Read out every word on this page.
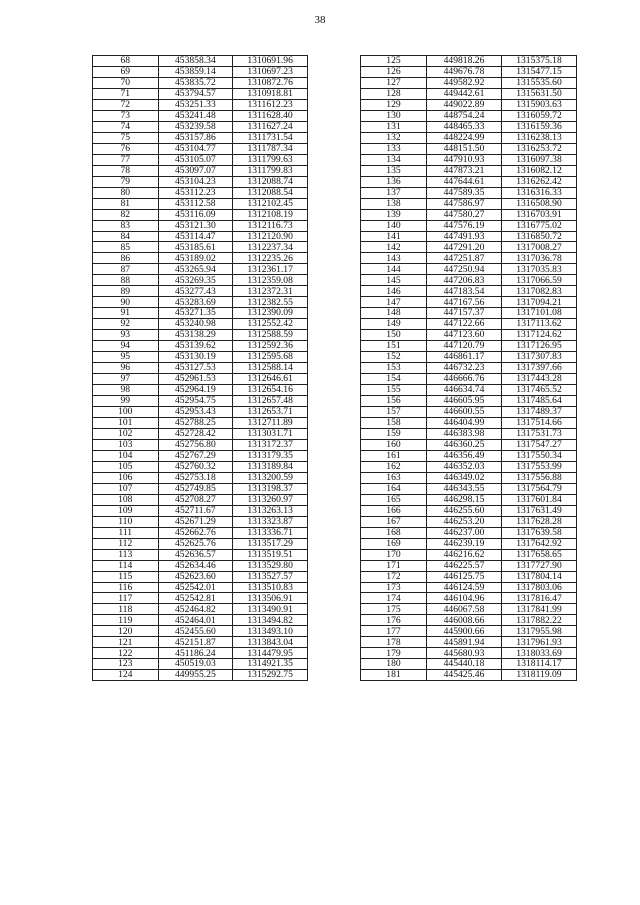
38
68	453858.34	1310691.96
69	453859.14	1310697.23
70	453835.72	1310872.76
71	453794.57	1310918.81
72	453251.33	1311612.23
73	453241.48	1311628.40
74	453239.58	1311627.24
75	453157.86	1311731.54
76	453104.77	1311787.34
77	453105.07	1311799.63
78	453097.07	1311799.83
79	453104.23	1312088.74
80	453112.23	1312088.54
81	453112.58	1312102.45
82	453116.09	1312108.19
83	453121.30	1312116.73
84	453114.47	1312120.90
85	453185.61	1312237.34
86	453189.02	1312235.26
87	453265.94	1312361.17
88	453269.35	1312359.08
89	453277.43	1312372.31
90	453283.69	1312382.55
91	453271.35	1312390.09
92	453240.98	1312552.42
93	453138.29	1312588.59
94	453139.62	1312592.36
95	453130.19	1312595.68
96	453127.53	1312588.14
97	452961.53	1312646.61
98	452964.19	1312654.16
99	452954.75	1312657.48
100	452953.43	1312653.71
101	452788.25	1312711.89
102	452728.42	1313031.71
103	452756.80	1313172.37
104	452767.29	1313179.35
105	452760.32	1313189.84
106	452753.18	1313200.59
107	452749.85	1313198.37
108	452708.27	1313260.97
109	452711.67	1313263.13
110	452671.29	1313323.87
111	452662.76	1313336.71
112	452625.76	1313517.29
113	452636.57	1313519.51
114	452634.46	1313529.80
115	452623.60	1313527.57
116	452542.01	1313510.83
117	452542.81	1313506.91
118	452464.82	1313490.91
119	452464.01	1313494.82
120	452455.60	1313493.10
121	452151.87	1313843.04
122	451186.24	1314479.95
123	450519.03	1314921.35
124	449955.25	1315292.75
125	449818.26	1315375.18
126	449676.78	1315477.15
127	449582.92	1315535.60
128	449442.61	1315631.50
129	449022.89	1315903.63
130	448754.24	1316059.72
131	448465.33	1316159.36
132	448224.99	1316238.13
133	448151.50	1316253.72
134	447910.93	1316097.38
135	447873.21	1316082.12
136	447644.61	1316262.42
137	447589.35	1316316.33
138	447586.97	1316508.90
139	447580.27	1316703.91
140	447576.19	1316775.02
141	447491.93	1316850.72
142	447291.20	1317008.27
143	447251.87	1317036.78
144	447250.94	1317035.83
145	447206.83	1317066.59
146	447183.54	1317082.83
147	447167.56	1317094.21
148	447157.37	1317101.08
149	447122.66	1317113.62
150	447123.60	1317124.62
151	447120.79	1317126.95
152	446861.17	1317307.83
153	446732.23	1317397.66
154	446666.76	1317443.28
155	446634.74	1317465.52
156	446605.95	1317485.64
157	446600.55	1317489.37
158	446404.99	1317514.66
159	446383.98	1317531.73
160	446360.25	1317547.27
161	446356.49	1317550.34
162	446352.03	1317553.99
163	446349.02	1317556.88
164	446343.55	1317564.79
165	446298.15	1317601.84
166	446255.60	1317631.49
167	446253.20	1317628.28
168	446237.00	1317639.58
169	446239.19	1317642.92
170	446216.62	1317658.65
171	446225.57	1317727.90
172	446125.75	1317804.14
173	446124.59	1317803.06
174	446104.96	1317816.47
175	446067.58	1317841.99
176	446008.66	1317882.22
177	445900.66	1317955.98
178	445891.94	1317961.93
179	445680.93	1318033.69
180	445440.18	1318114.17
181	445425.46	1318119.09
